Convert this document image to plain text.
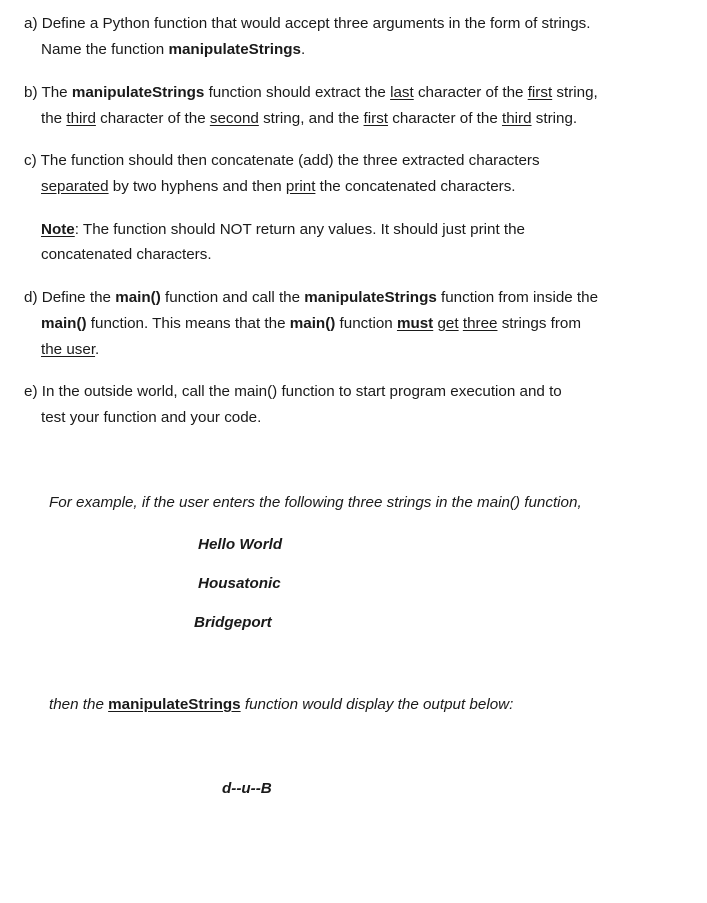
a) Define a Python function that would accept three arguments in the form of strings.
Name the function manipulateStrings.
b) The manipulateStrings function should extract the last character of the first string,
the third character of the second string, and the first character of the third string.
c) The function should then concatenate (add) the three extracted characters
separated by two hyphens and then print the concatenated characters.
Note: The function should NOT return any values. It should just print the
concatenated characters.
d) Define the main() function and call the manipulateStrings function from inside the
main() function. This means that the main() function must get three strings from
the user.
e) In the outside world, call the main() function to start program execution and to
test your function and your code.
For example, if the user enters the following three strings in the main() function,
Hello World
Housatonic
Bridgeport
then the manipulateStrings function would display the output below:
d--u--B
